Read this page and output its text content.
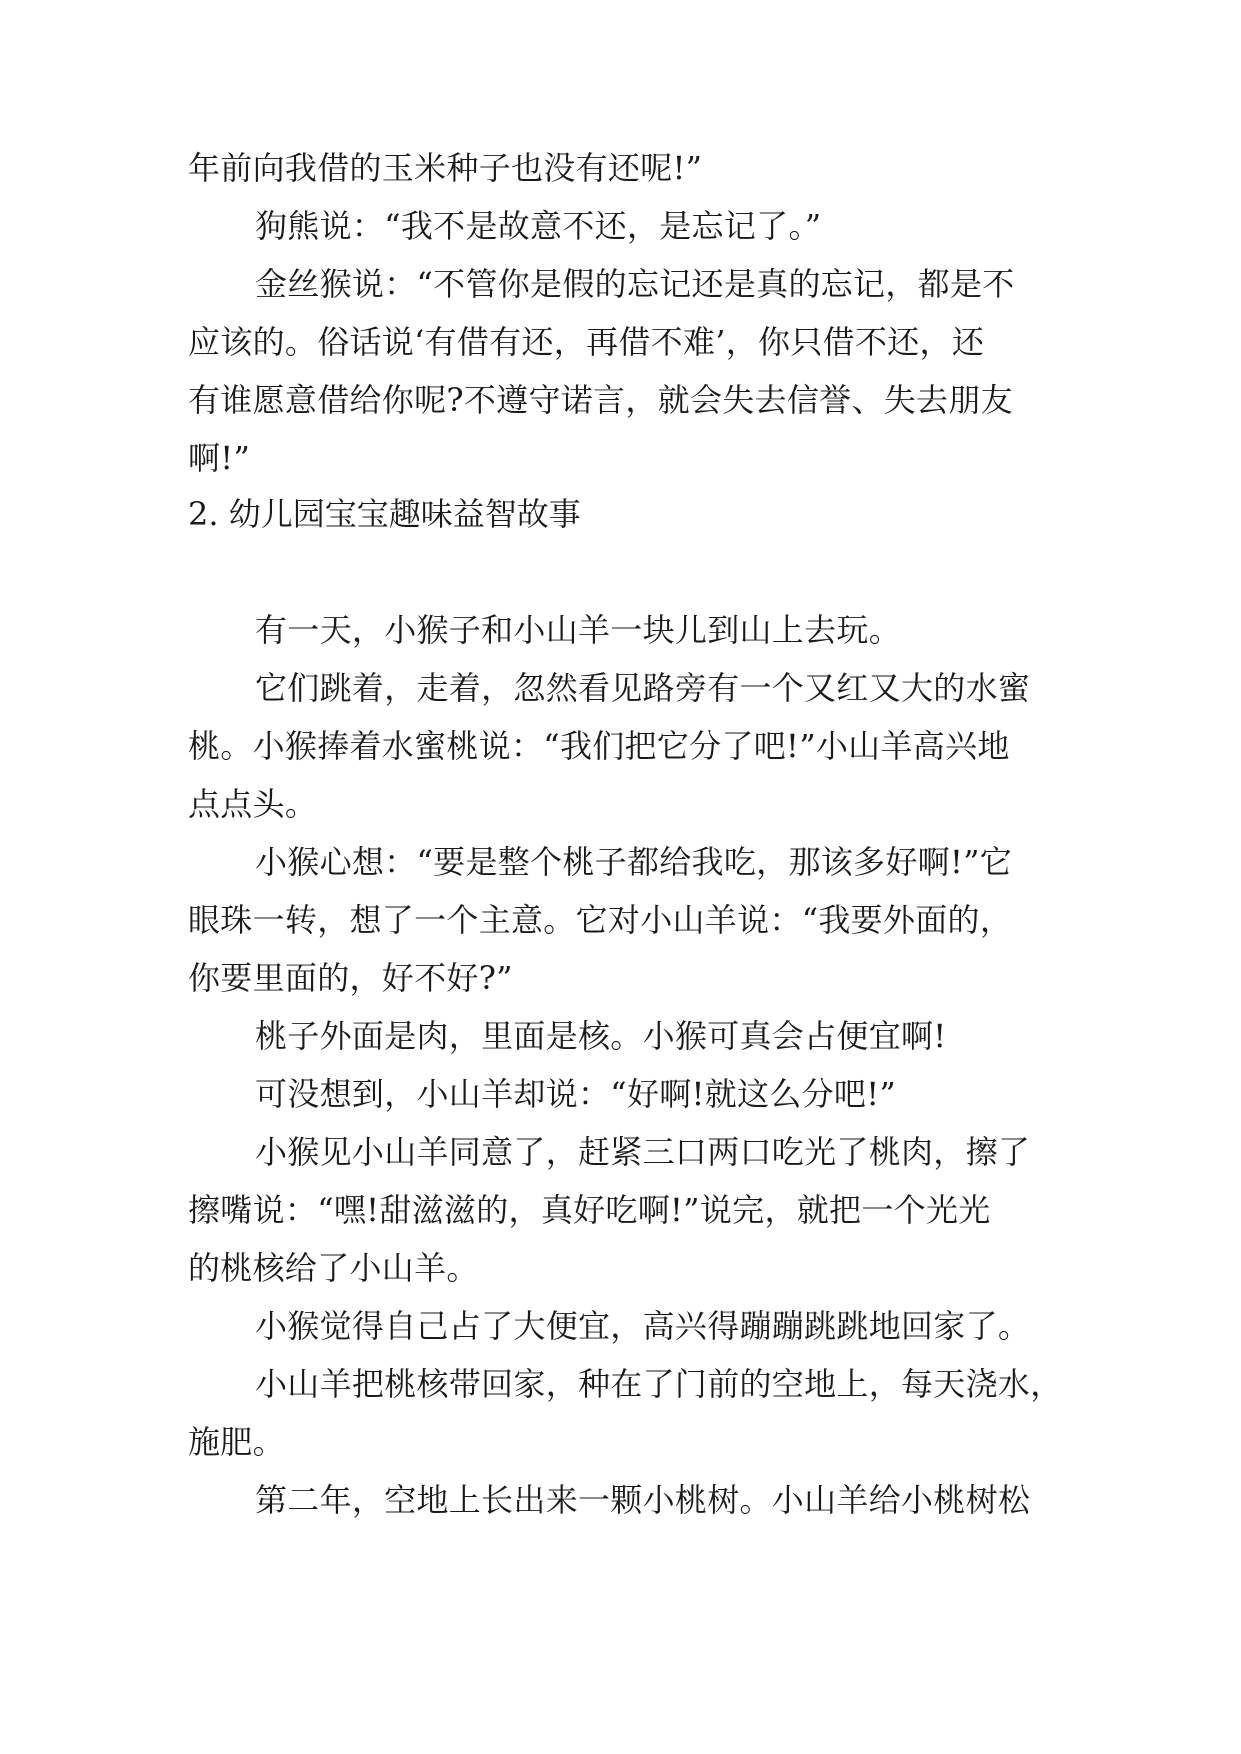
年前向我借的玉米种子也没有还呢!”
狗熊说：“我不是故意不还，是忘记了。”
金丝猴说：“不管你是假的忘记还是真的忘记，都是不
应该的。俗话说‘有借有还，再借不难’，你只借不还，还
有谁愿意借给你呢?不遵守诺言，就会失去信誉、失去朋友
啊!”
2. 幼儿园宝宝趣味益智故事
有一天，小猴子和小山羊一块儿到山上去玩。
它们跳着，走着，忽然看见路旁有一个又红又大的水蜜
桃。小猴捧着水蜜桃说：“我们把它分了吧!”小山羊高兴地
点点头。
小猴心想：“要是整个桃子都给我吃，那该多好啊!”它
眼珠一转，想了一个主意。它对小山羊说：“我要外面的，
你要里面的，好不好?”
桃子外面是肉，里面是核。小猴可真会占便宜啊!
可没想到，小山羊却说：“好啊!就这么分吧!”
小猴见小山羊同意了，赶紧三口两口吃光了桃肉，擦了
擦嘴说：“嘿!甜滋滋的，真好吃啊!”说完，就把一个光光
的桃核给了小山羊。
小猴觉得自己占了大便宜，高兴得蹦蹦跳跳地回家了。
小山羊把桃核带回家，种在了门前的空地上，每天浇水，
施肥。
第二年，空地上长出来一颗小桃树。小山羊给小桃树松
